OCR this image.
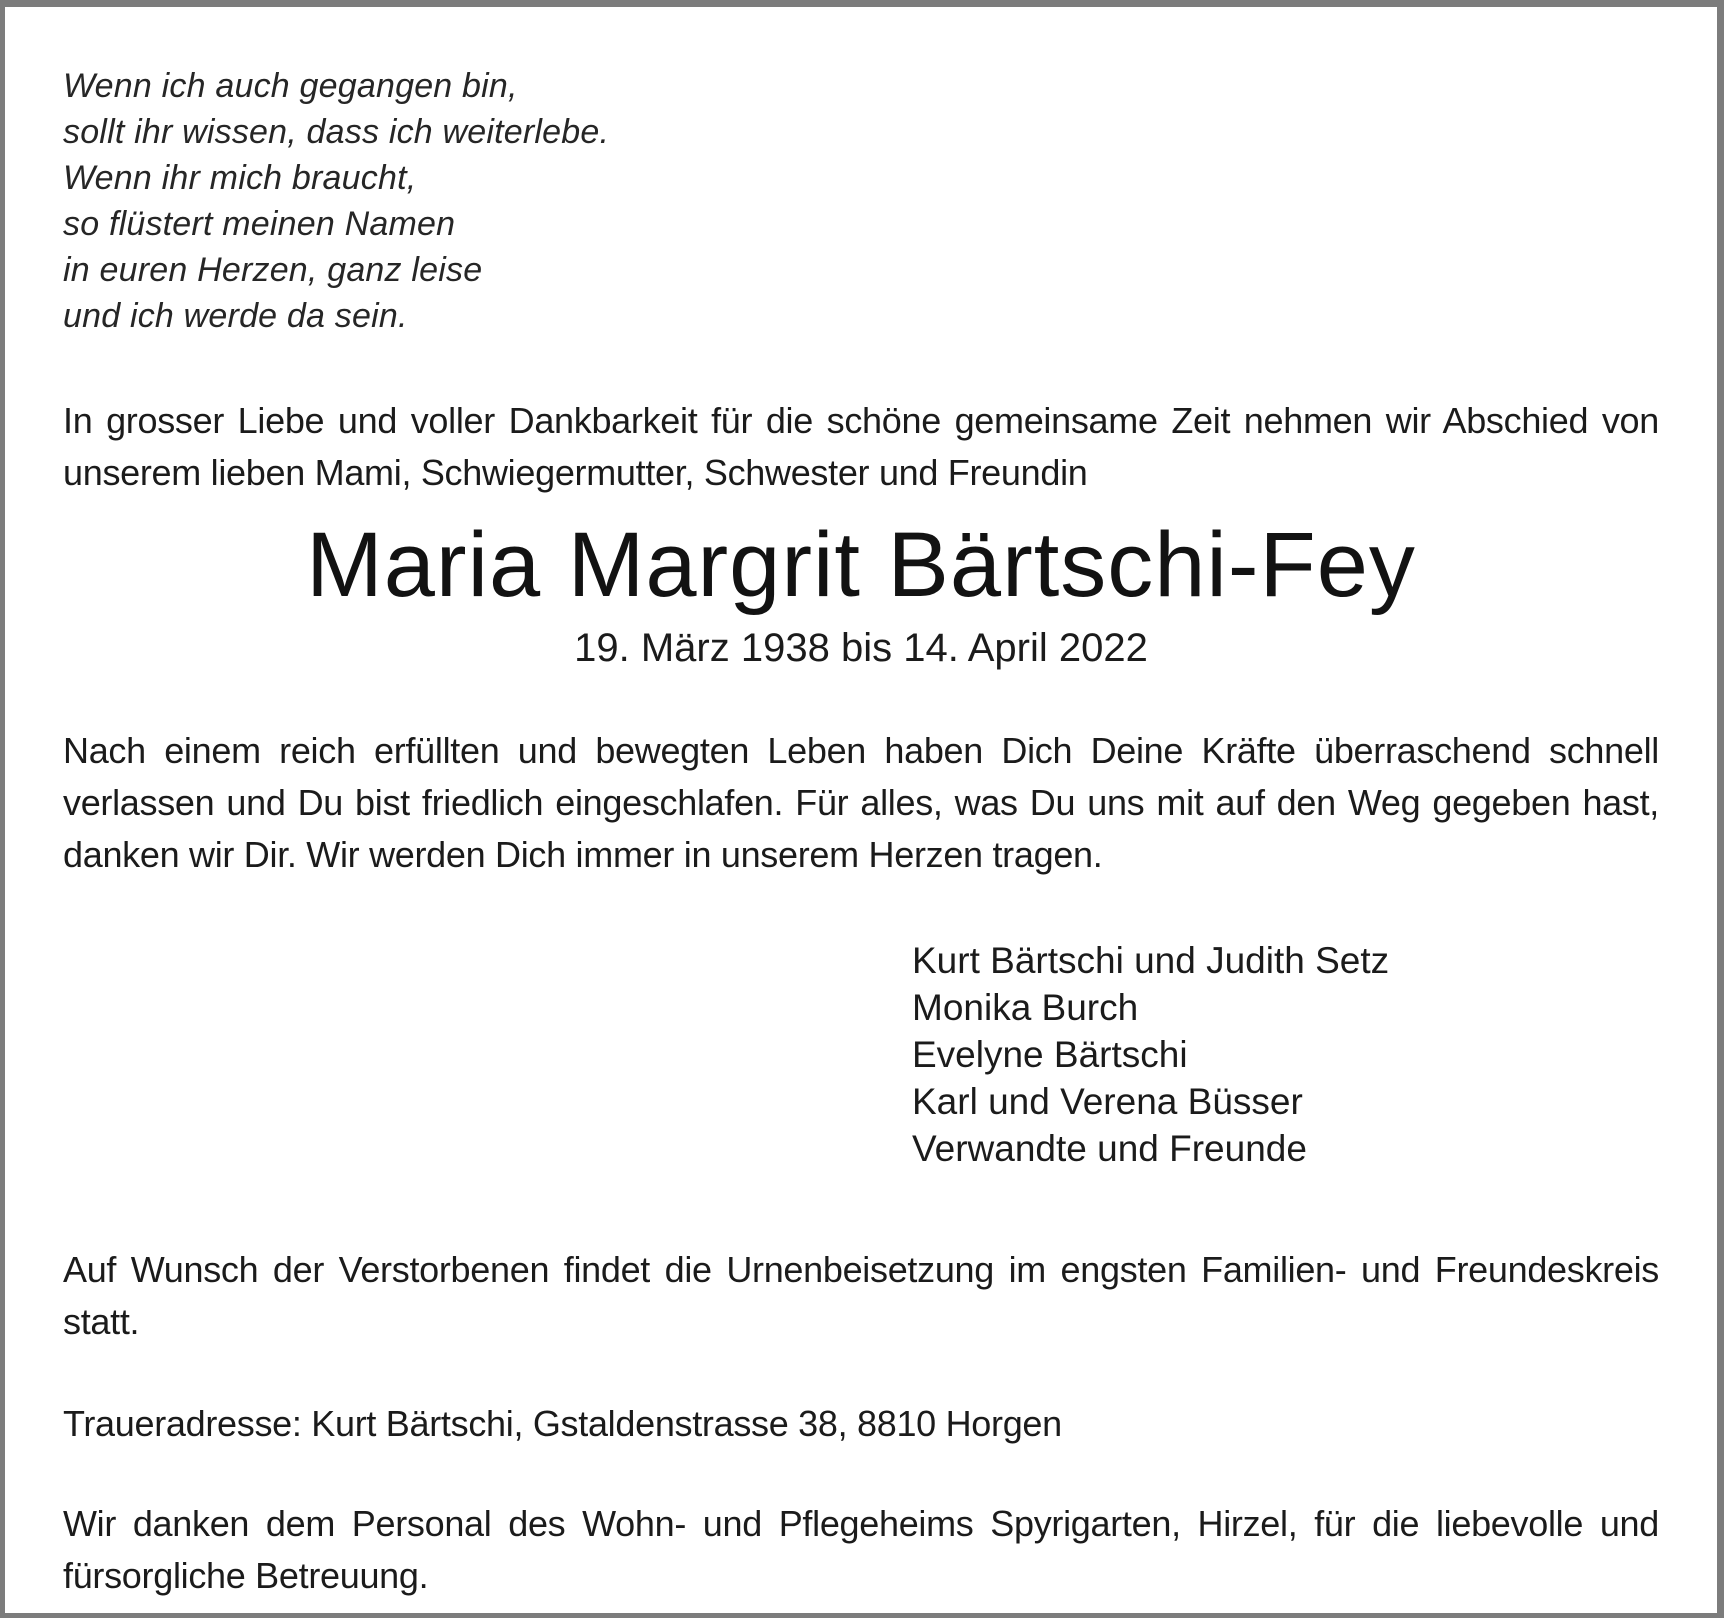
Wenn ich auch gegangen bin,
sollt ihr wissen, dass ich weiterlebe.
Wenn ihr mich braucht,
so flüstert meinen Namen
in euren Herzen, ganz leise
und ich werde da sein.

In grosser Liebe und voller Dankbarkeit für die schöne gemeinsame Zeit nehmen wir Abschied von unserem lieben Mami, Schwiegermutter, Schwester und Freundin

Maria Margrit Bärtschi-Fey
19. März 1938 bis 14. April 2022

Nach einem reich erfüllten und bewegten Leben haben Dich Deine Kräfte überraschend schnell verlassen und Du bist friedlich eingeschlafen. Für alles, was Du uns mit auf den Weg gegeben hast, danken wir Dir. Wir werden Dich immer in unserem Herzen tragen.

Kurt Bärtschi und Judith Setz
Monika Burch
Evelyne Bärtschi
Karl und Verena Büsser
Verwandte und Freunde

Auf Wunsch der Verstorbenen findet die Urnenbeisetzung im engsten Familien- und Freundeskreis statt.

Traueradresse: Kurt Bärtschi, Gstaldenstrasse 38, 8810 Horgen

Wir danken dem Personal des Wohn- und Pflegeheims Spyrigarten, Hirzel, für die liebevolle und fürsorgliche Betreuung.
